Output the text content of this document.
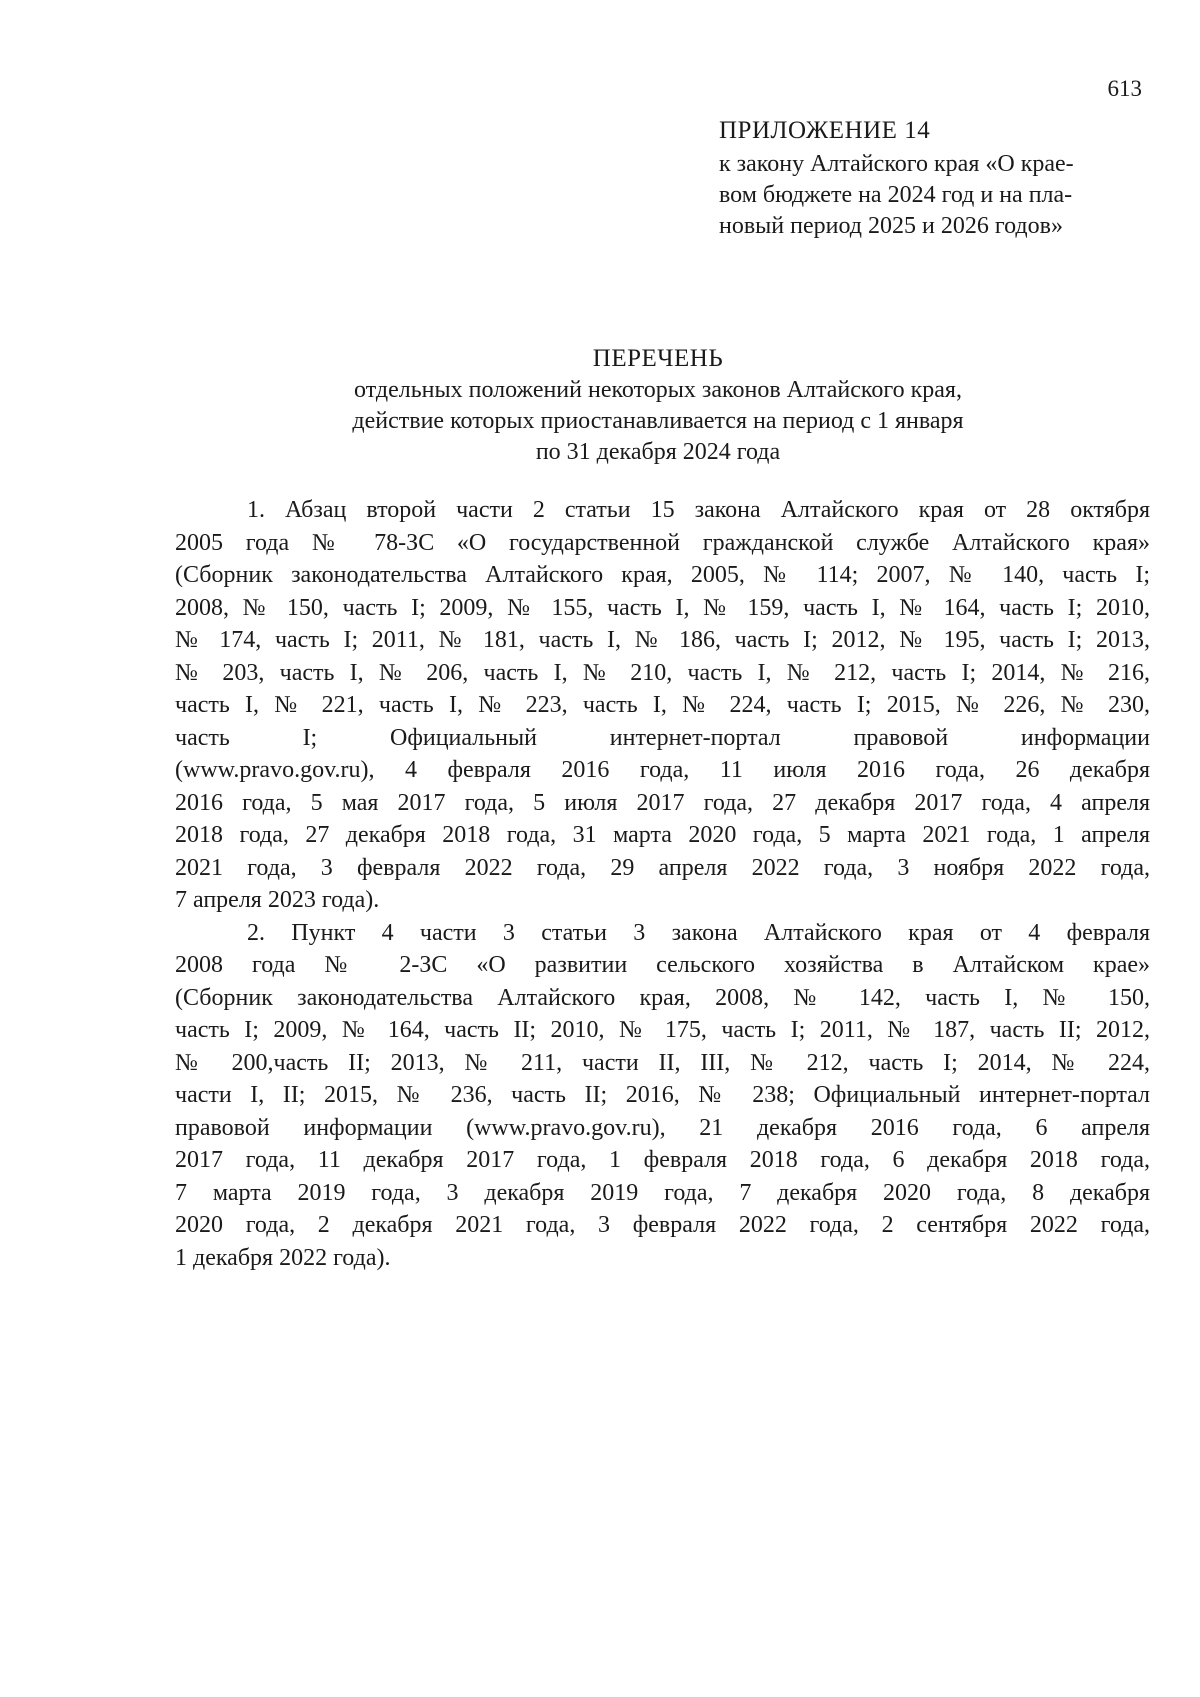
613
ПРИЛОЖЕНИЕ 14
к закону Алтайского края «О крае-
вом бюджете на 2024 год и на пла-
новый период 2025 и 2026 годов»
ПЕРЕЧЕНЬ
отдельных положений некоторых законов Алтайского края,
действие которых приостанавливается на период с 1 января
по 31 декабря 2024 года
1. Абзац второй части 2 статьи 15 закона Алтайского края от 28 октября
2005 года № 78-ЗС «О государственной гражданской службе Алтайского края»
(Сборник законодательства Алтайского края, 2005, № 114; 2007, № 140, часть I;
2008, № 150, часть I; 2009, № 155, часть I, № 159, часть I, № 164, часть I; 2010,
№ 174, часть I; 2011, № 181, часть I, № 186, часть I; 2012, № 195, часть I; 2013,
№ 203, часть I, № 206, часть I, № 210, часть I, № 212, часть I; 2014, № 216,
часть I, № 221, часть I, № 223, часть I, № 224, часть I; 2015, № 226, № 230,
часть I; Официальный интернет-портал правовой информации
(www.pravo.gov.ru), 4 февраля 2016 года, 11 июля 2016 года, 26 декабря
2016 года, 5 мая 2017 года, 5 июля 2017 года, 27 декабря 2017 года, 4 апреля
2018 года, 27 декабря 2018 года, 31 марта 2020 года, 5 марта 2021 года, 1 апреля
2021 года, 3 февраля 2022 года, 29 апреля 2022 года, 3 ноября 2022 года,
7 апреля 2023 года).
2. Пункт 4 части 3 статьи 3 закона Алтайского края от 4 февраля
2008 года № 2-ЗС «О развитии сельского хозяйства в Алтайском крае»
(Сборник законодательства Алтайского края, 2008, № 142, часть I, № 150,
часть I; 2009, № 164, часть II; 2010, № 175, часть I; 2011, № 187, часть II; 2012,
№ 200,часть II; 2013, № 211, части II, III, № 212, часть I; 2014, № 224,
части I, II; 2015, № 236, часть II; 2016, № 238; Официальный интернет-портал
правовой информации (www.pravo.gov.ru), 21 декабря 2016 года, 6 апреля
2017 года, 11 декабря 2017 года, 1 февраля 2018 года, 6 декабря 2018 года,
7 марта 2019 года, 3 декабря 2019 года, 7 декабря 2020 года, 8 декабря
2020 года, 2 декабря 2021 года, 3 февраля 2022 года, 2 сентября 2022 года,
1 декабря 2022 года).
